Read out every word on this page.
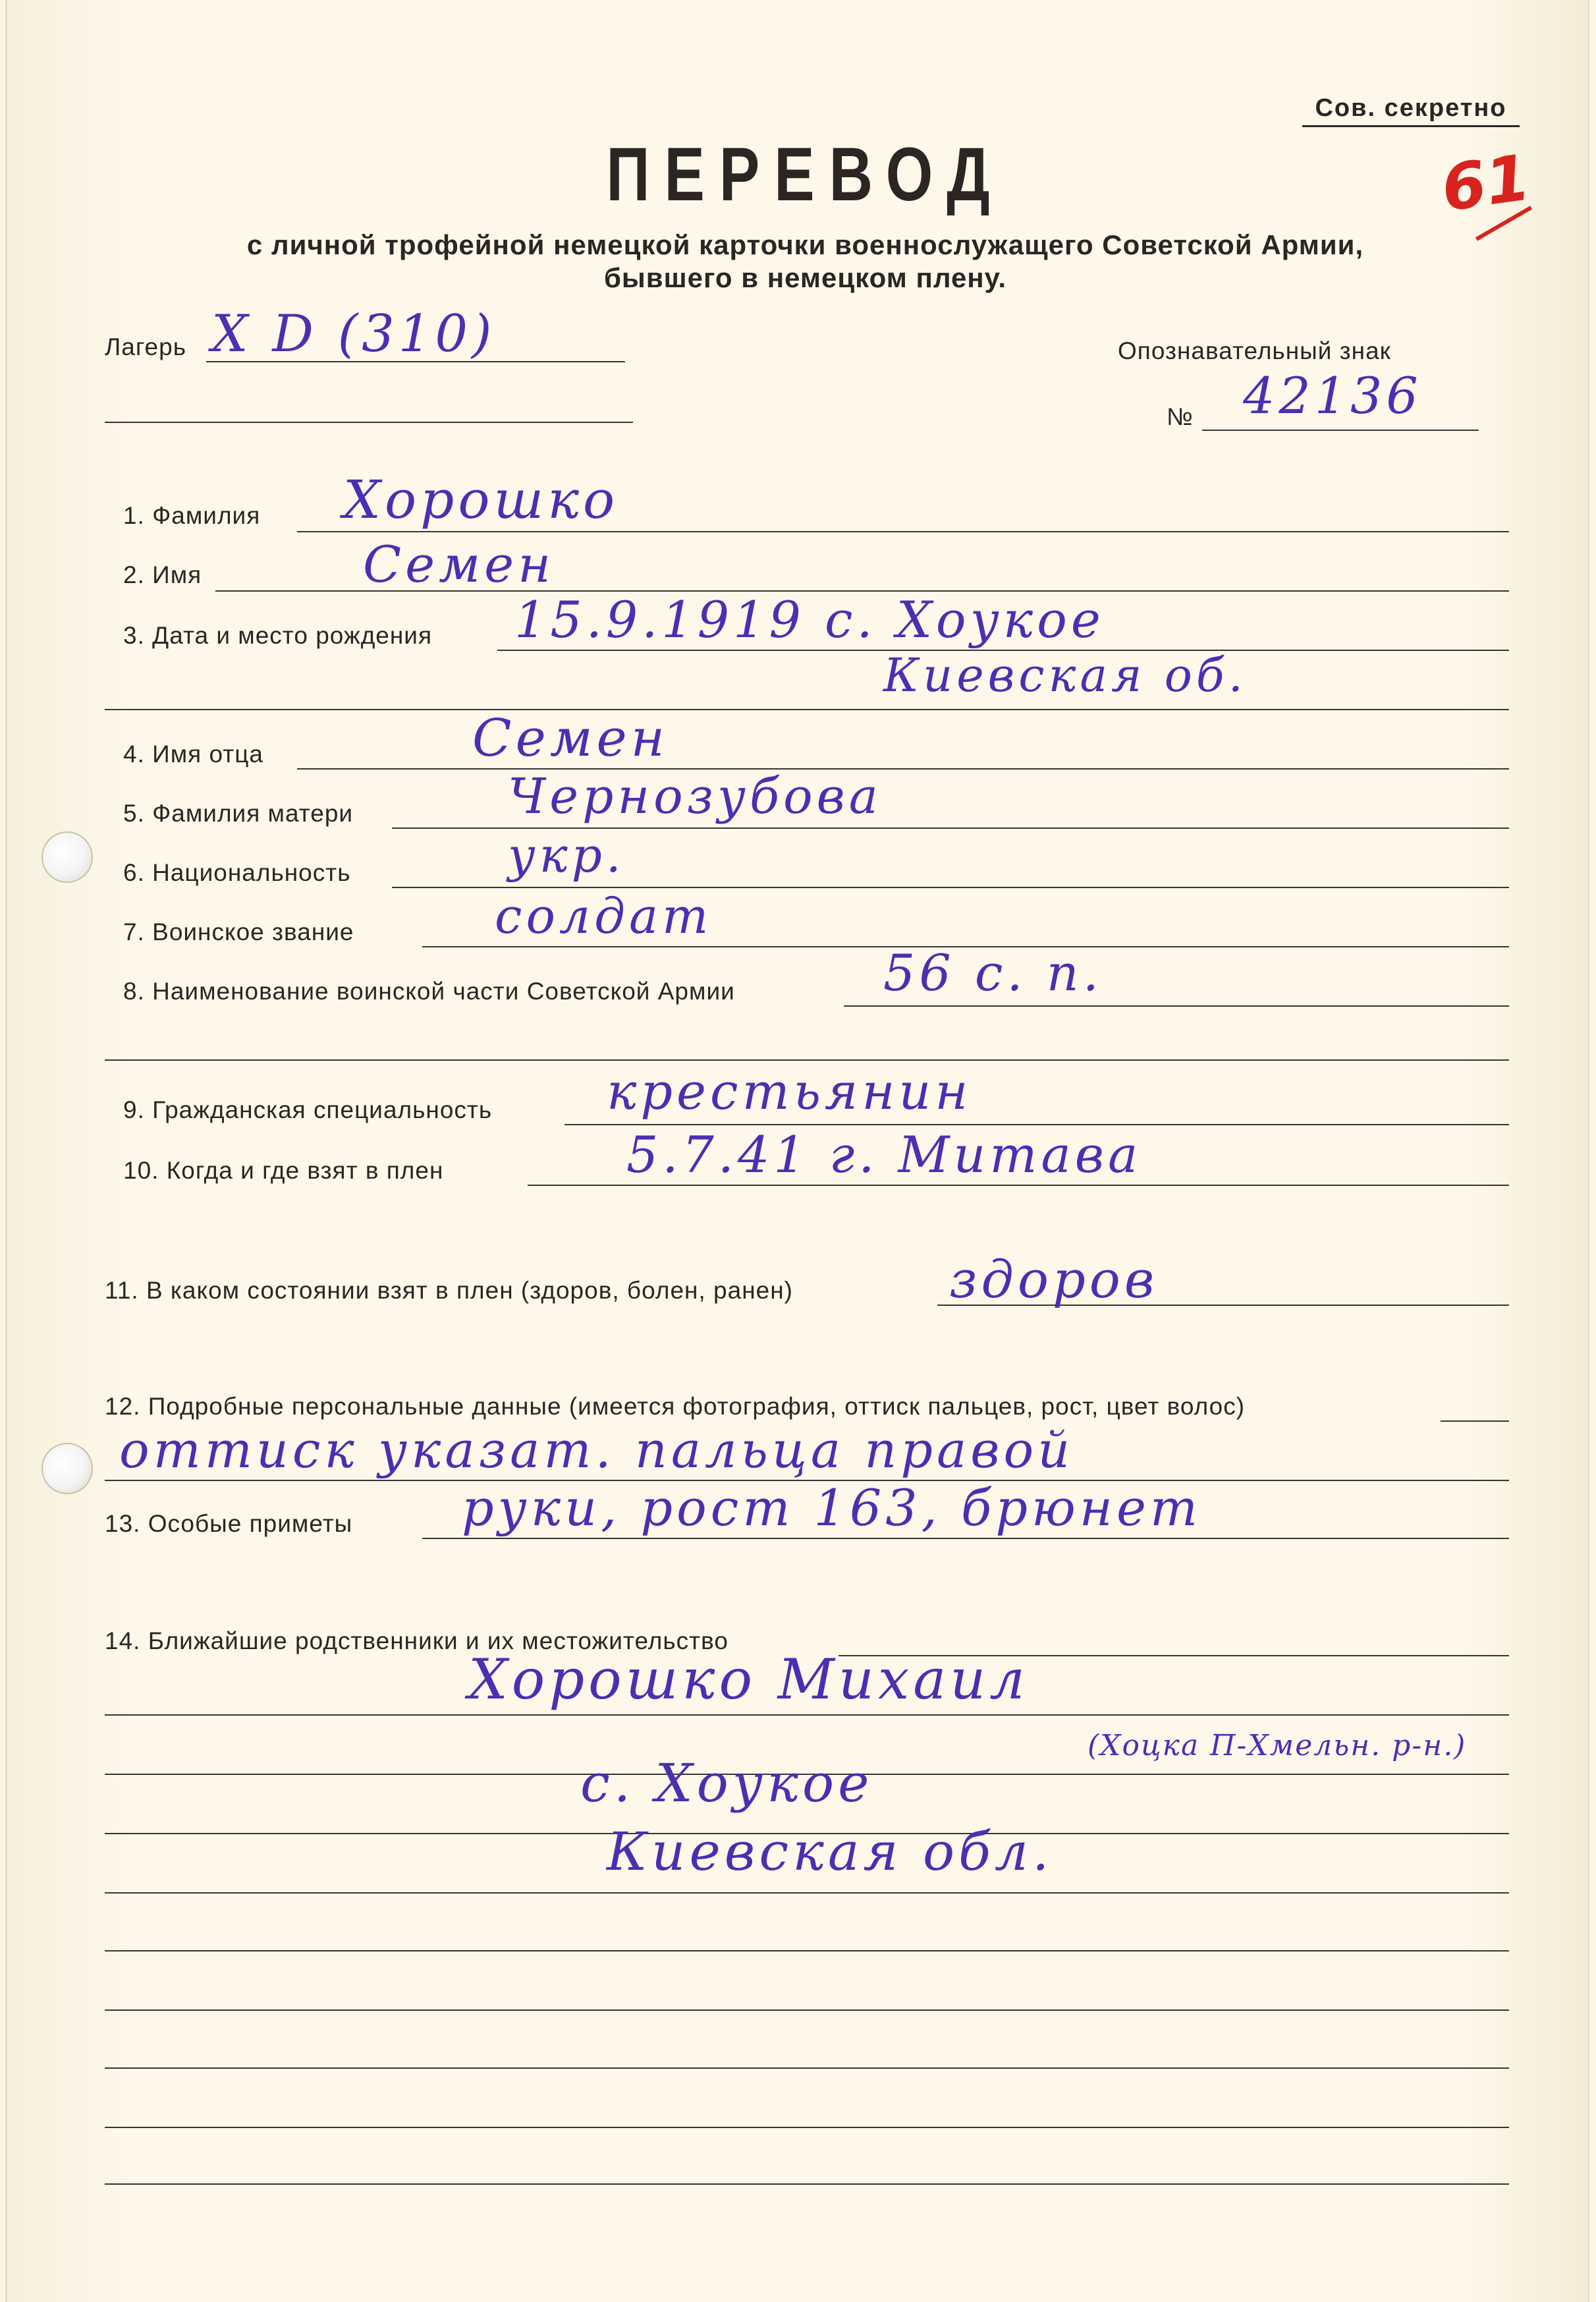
Сов. секретно
61
ПЕРЕВОД
с личной трофейной немецкой карточки военнослужащего Советской Армии,
бывшего в немецком плену.
Лагерь X D (310)	Опознавательный знак
№ 42136
1. Фамилия Хорошко
2. Имя	Семен
3. Дата и место рождения 15.9.1919 с. Хоукое
Киевская об.
4. Имя отца	Семен
5. Фамилия матери	Чернозубова
6. Национальность	укр.
7. Воинское звание	солдат
8. Наименование воинской части Советской Армии	56 с. п.
9. Гражданская специальность крестьянин
10. Когда и где взят в плен	5.7.41 г. Митава
11. В каком состоянии взят в плен (здоров, болен, ранен)	здоров
12. Подробные персональные данные (имеется фотография, оттиск пальцев, рост, цвет волос)
оттиск указат. пальца правой
13. Особые приметы руки, рост 163, брюнет
14. Ближайшие родственники и их местожительство
Хорошко Михаил
(Хоцка П-Хмельн. р-н.)
с. Хоукое
Киевская обл.
